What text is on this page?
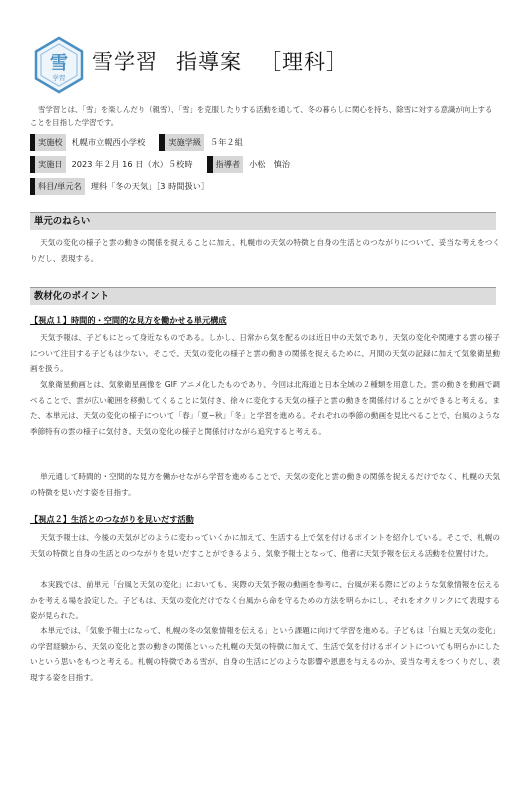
雪
学習
雪学習 指導案 ［理科］
雪学習とは、「雪」を楽しんだり（親雪）、「雪」を克服したりする活動を通して、冬の暮らしに関心を持ち、除雪に対する意識が向上することを目指した学習です。
実施校	札幌市立幌西小学校	実施学級	５年２組
実施日	2023 年２月 16 日（水）５校時	指導者	小松　慎治
科目/単元名	理科「冬の天気」［3 時間扱い］
単元のねらい
天気の変化の様子と雲の動きの関係を捉えることに加え、札幌市の天気の特徴と自身の生活とのつながりについて、妥当な考えをつくりだし、表現する。
教材化のポイント
【視点１】時間的・空間的な見方を働かせる単元構成
天気予報は、子どもにとって身近なものである。しかし、日常から気を配るのは近日中の天気であり、天気の変化や関連する雲の様子について注目する子どもは少ない。そこで、天気の変化の様子と雲の動きの関係を捉えるために、月間の天気の記録に加えて気象衛星動画を扱う。
気象衛星動画とは、気象衛星画像を GIF アニメ化したものであり、今回は北海道と日本全域の２種類を用意した。雲の動きを動画で調べることで、雲が広い範囲を移動してくることに気付き、徐々に変化する天気の様子と雲の動きを関係付けることができると考える。また、本単元は、天気の変化の様子について「春」「夏~秋」「冬」と学習を進める。それぞれの季節の動画を見比べることで、台風のような季節特有の雲の様子に気付き、天気の変化の様子と関係付けながら追究すると考える。
単元通して時間的・空間的な見方を働かせながら学習を進めることで、天気の変化と雲の動きの関係を捉えるだけでなく、札幌の天気の特徴を見いだす姿を目指す。
【視点２】生活とのつながりを見いだす活動
天気予報士は、今後の天気がどのように変わっていくかに加えて、生活する上で気を付けるポイントを紹介している。そこで、札幌の天気の特徴と自身の生活とのつながりを見いだすことができるよう、気象予報士となって、他者に天気予報を伝える活動を位置付けた。
本実践では、前単元「台風と天気の変化」においても、実際の天気予報の動画を参考に、台風が来る際にどのような気象情報を伝えるかを考える場を設定した。子どもは、天気の変化だけでなく台風から命を守るための方法を明らかにし、それをオクリンクにて表現する姿が見られた。
本単元では、「気象予報士になって、札幌の冬の気象情報を伝える」という課題に向けて学習を進める。子どもは「台風と天気の変化」の学習経験から、天気の変化と雲の動きの関係といった札幌の天気の特徴に加えて、生活で気を付けるポイントについても明らかにしたいという思いをもつと考える。札幌の特徴である雪が、自身の生活にどのような影響や恩恵を与えるのか、妥当な考えをつくりだし、表現する姿を目指す。
